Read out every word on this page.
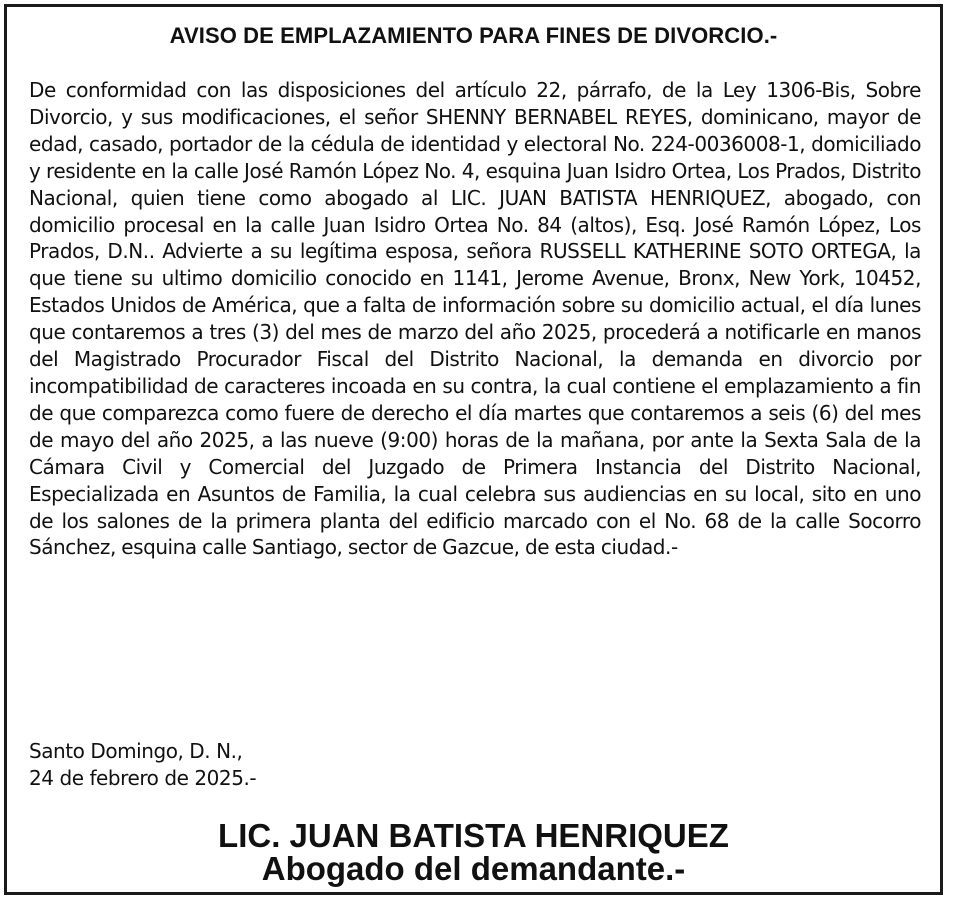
AVISO DE EMPLAZAMIENTO PARA FINES DE DIVORCIO.-

De conformidad con las disposiciones del artículo 22, párrafo, de la Ley 1306-Bis, Sobre Divorcio, y sus modificaciones, el señor SHENNY BERNABEL REYES, dominicano, mayor de edad, casado, portador de la cédula de identidad y electoral No. 224-0036008-1, domiciliado y residente en la calle José Ramón López No. 4, esquina Juan Isidro Ortea, Los Prados, Distrito Nacional, quien tiene como abogado al LIC. JUAN BATISTA HENRIQUEZ, abogado, con domicilio procesal en la calle Juan Isidro Ortea No. 84 (altos), Esq. José Ramón López, Los Prados, D.N.. Advierte a su legítima esposa, señora RUSSELL KATHERINE SOTO ORTEGA, la que tiene su ultimo domicilio conocido en 1141, Jerome Avenue, Bronx, New York, 10452, Estados Unidos de América, que a falta de información sobre su domicilio actual, el día lunes que contaremos a tres (3) del mes de marzo del año 2025, procederá a notificarle en manos del Magistrado Procurador Fiscal del Distrito Nacional, la demanda en divorcio por incompatibilidad de caracteres incoada en su contra, la cual contiene el emplazamiento a fin de que comparezca como fuere de derecho el día martes que contaremos a seis (6) del mes de mayo del año 2025, a las nueve (9:00) horas de la mañana, por ante la Sexta Sala de la Cámara Civil y Comercial del Juzgado de Primera Instancia del Distrito Nacional, Especializada en Asuntos de Familia, la cual celebra sus audiencias en su local, sito en uno de los salones de la primera planta del edificio marcado con el No. 68 de la calle Socorro Sánchez, esquina calle Santiago, sector de Gazcue, de esta ciudad.-

Santo Domingo, D. N.,
24 de febrero de 2025.-
LIC. JUAN BATISTA HENRIQUEZ
Abogado del demandante.-
